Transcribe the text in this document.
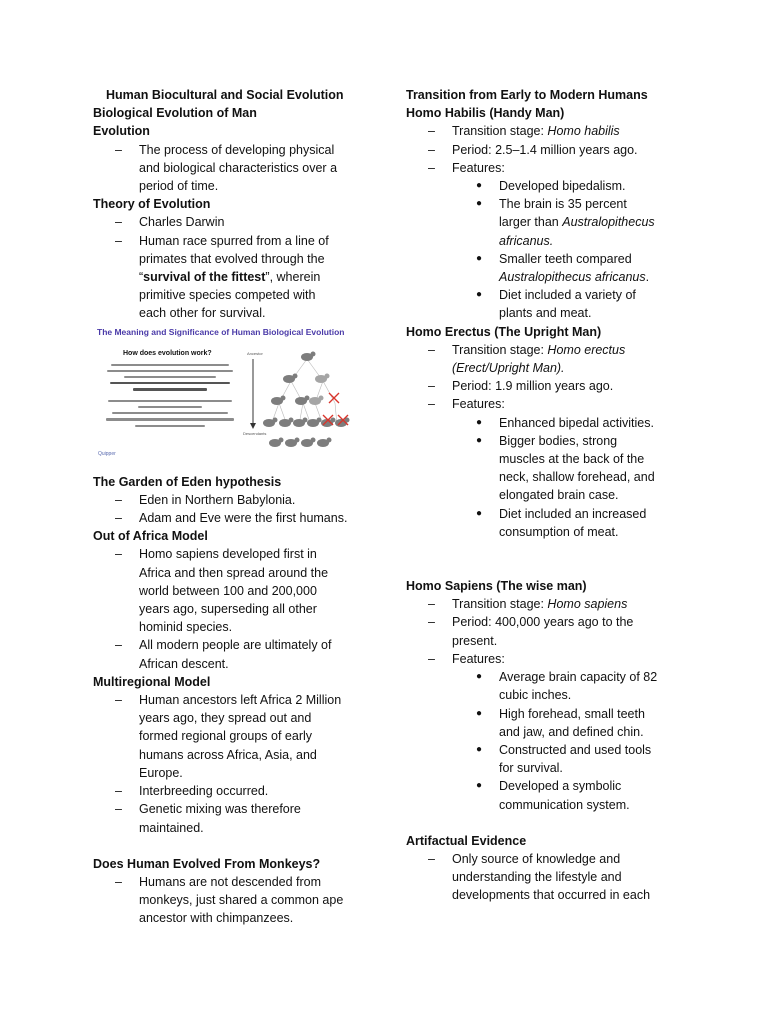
Human Biocultural and Social Evolution
Biological Evolution of Man
Evolution
– The process of developing physical
and biological characteristics over a
period of time.
Theory of Evolution
– Charles Darwin
– Human race spurred from a line of
primates that evolved through the
“survival of the fittest”, wherein
primitive species competed with
each other for survival.
The Meaning and Significance of Human Biological Evolution
How does evolution work?	Ancestor
Descendants
Quipper
The Garden of Eden hypothesis
– Eden in Northern Babylonia.
– Adam and Eve were the first humans.
Out of Africa Model
– Homo sapiens developed first in
Africa and then spread around the
world between 100 and 200,000
years ago, superseding all other
hominid species.
– All modern people are ultimately of
African descent.
Multiregional Model
– Human ancestors left Africa 2 Million
years ago, they spread out and
formed regional groups of early
humans across Africa, Asia, and
Europe.
– Interbreeding occurred.
– Genetic mixing was therefore
maintained.
Does Human Evolved From Monkeys?
– Humans are not descended from
monkeys, just shared a common ape
ancestor with chimpanzees.
Transition from Early to Modern Humans
Homo Habilis (Handy Man)
– Transition stage: Homo habilis
– Period: 2.5–1.4 million years ago.
– Features:
● Developed bipedalism.
● The brain is 35 percent
larger than Australopithecus
africanus.
● Smaller teeth compared
Australopithecus africanus.
● Diet included a variety of
plants and meat.
Homo Erectus (The Upright Man)
– Transition stage: Homo erectus
(Erect/Upright Man).
– Period: 1.9 million years ago.
– Features:
● Enhanced bipedal activities.
● Bigger bodies, strong
muscles at the back of the
neck, shallow forehead, and
elongated brain case.
● Diet included an increased
consumption of meat.
Homo Sapiens (The wise man)
– Transition stage: Homo sapiens
– Period: 400,000 years ago to the
present.
– Features:
● Average brain capacity of 82
cubic inches.
● High forehead, small teeth
and jaw, and defined chin.
● Constructed and used tools
for survival.
● Developed a symbolic
communication system.
Artifactual Evidence
– Only source of knowledge and
understanding the lifestyle and
developments that occurred in each
